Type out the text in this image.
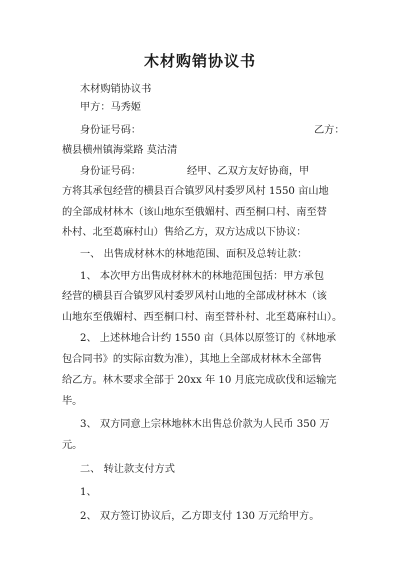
木材购销协议书
木材购销协议书
甲方：马秀姬
身份证号码：	乙方：
横县横州镇海棠路 莫沽清
身份证号码：　　　　　经甲、乙双方友好协商，甲
方将其承包经营的横县百合镇罗风村委罗风村 1550 亩山地
的全部成材林木（该山地东至俄媚村、西至桐口村、南至替
朴村、北至葛麻村山）售给乙方，双方达成以下协议：
一、 出售成材林木的林地范围、面积及总转让款：
1、 本次甲方出售成材林木的林地范围包括：甲方承包
经营的横县百合镇罗风村委罗风村山地的全部成材林木（该
山地东至俄媚村、西至桐口村、南至替朴村、北至葛麻村山）。
2、 上述林地合计约 1550 亩（具体以原签订的《林地承
包合同书》的实际亩数为准），其地上全部成材林木全部售
给乙方。林木要求全部于 20xx 年 10 月底完成砍伐和运输完
毕。
3、 双方同意上宗林地林木出售总价款为人民币 350 万
元。
二、 转让款支付方式
1、
2、 双方签订协议后，乙方即支付 130 万元给甲方。
